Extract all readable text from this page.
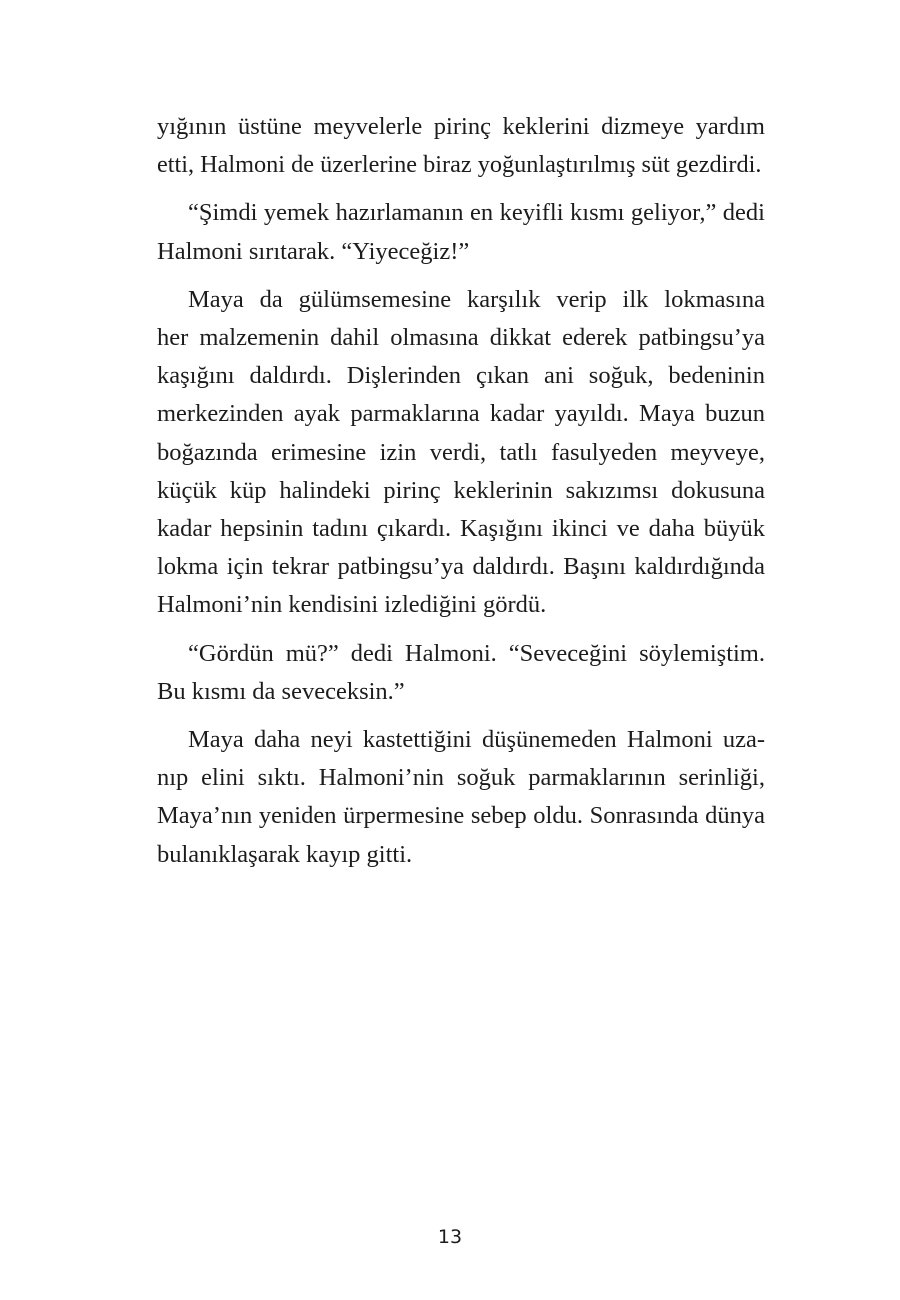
yığının üstüne meyvelerle pirinç keklerini dizmeye yardım
etti, Halmoni de üzerlerine biraz yoğunlaştırılmış süt gezdirdi.

“Şimdi yemek hazırlamanın en keyifli kısmı geliyor,” dedi
Halmoni sırıtarak. “Yiyeceğiz!”

Maya da gülümsemesine karşılık verip ilk lokmasına
her malzemenin dahil olmasına dikkat ederek patbingsu’ya
kaşığını daldırdı. Dişlerinden çıkan ani soğuk, bedeninin
merkezinden ayak parmaklarına kadar yayıldı. Maya buzun
boğazında erimesine izin verdi, tatlı fasulyeden meyveye,
küçük küp halindeki pirinç keklerinin sakızımsı dokusuna
kadar hepsinin tadını çıkardı. Kaşığını ikinci ve daha büyük
lokma için tekrar patbingsu’ya daldırdı. Başını kaldırdığında
Halmoni’nin kendisini izlediğini gördü.

“Gördün mü?” dedi Halmoni. “Seveceğini söylemiştim.
Bu kısmı da seveceksin.”

Maya daha neyi kastettiğini düşünemeden Halmoni uza-
nıp elini sıktı. Halmoni’nin soğuk parmaklarının serinliği,
Maya’nın yeniden ürpermesine sebep oldu. Sonrasında dünya
bulanıklaşarak kayıp gitti.

13
